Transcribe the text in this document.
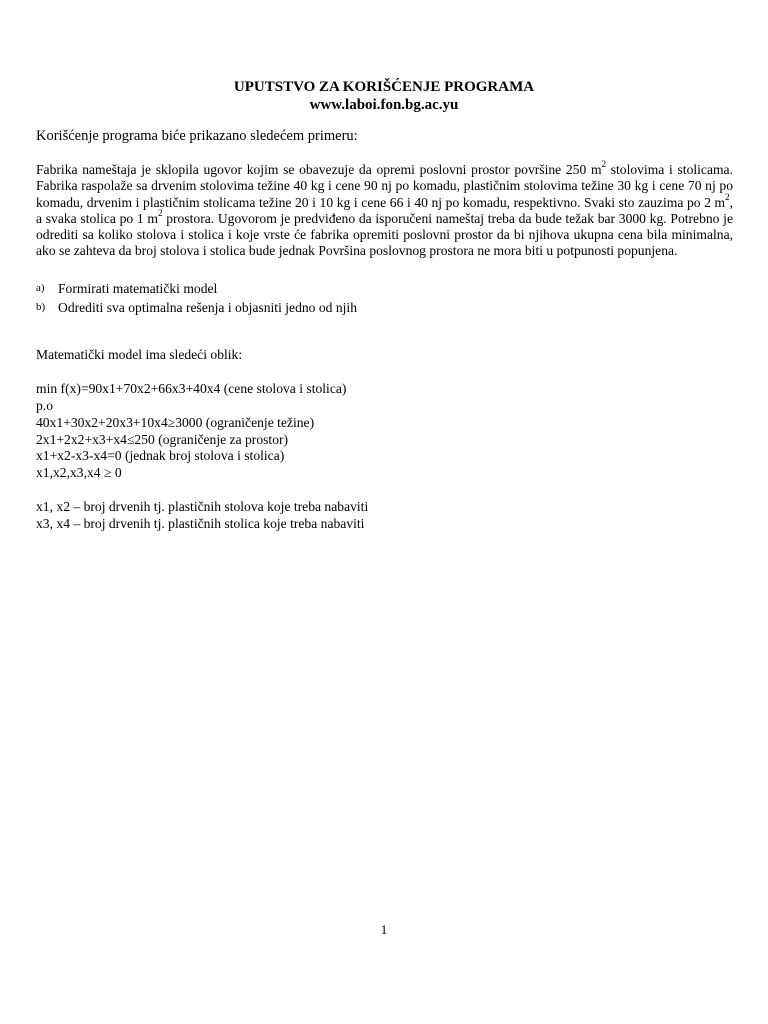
UPUTSTVO ZA KORIŠĆENJE PROGRAMA
www.laboi.fon.bg.ac.yu
Korišćenje programa biće prikazano sledećem primeru:
Fabrika nameštaja je sklopila ugovor kojim se obavezuje da opremi poslovni prostor površine 250 $m^2$ stolovima i stolicama. Fabrika raspolaže sa drvenim stolovima težine 40 kg i cene 90 nj po komadu, plastičnim stolovima težine 30 kg i cene 70 nj po komadu, drvenim i plastičnim stolicama težine 20 i 10 kg i cene 66 i 40 nj po komadu, respektivno. Svaki sto zauzima po 2 $m^2$, a svaka stolica po 1 $m^2$ prostora. Ugovorom je predviđeno da isporučeni nameštaj treba da bude težak bar 3000 kg. Potrebno je odrediti sa koliko stolova i stolica i koje vrste će fabrika opremiti poslovni prostor da bi njihova ukupna cena bila minimalna, ako se zahteva da broj stolova i stolica bude jednak Površina poslovnog prostora ne mora biti u potpunosti popunjena.
a) Formirati matematički model
b) Odrediti sva optimalna rešenja i objasniti jedno od njih
Matematički model ima sledeći oblik:
min f(x)=90x1+70x2+66x3+40x4 (cene stolova i stolica)
p.o
40x1+30x2+20x3+10x4≥3000 (ograničenje težine)
2x1+2x2+x3+x4≤250 (ograničenje za prostor)
x1+x2-x3-x4=0 (jednak broj stolova i stolica)
x1,x2,x3,x4 ≥ 0
x1, x2 – broj drvenih tj. plastičnih stolova koje treba nabaviti
x3, x4 – broj drvenih tj. plastičnih stolica koje treba nabaviti
1
